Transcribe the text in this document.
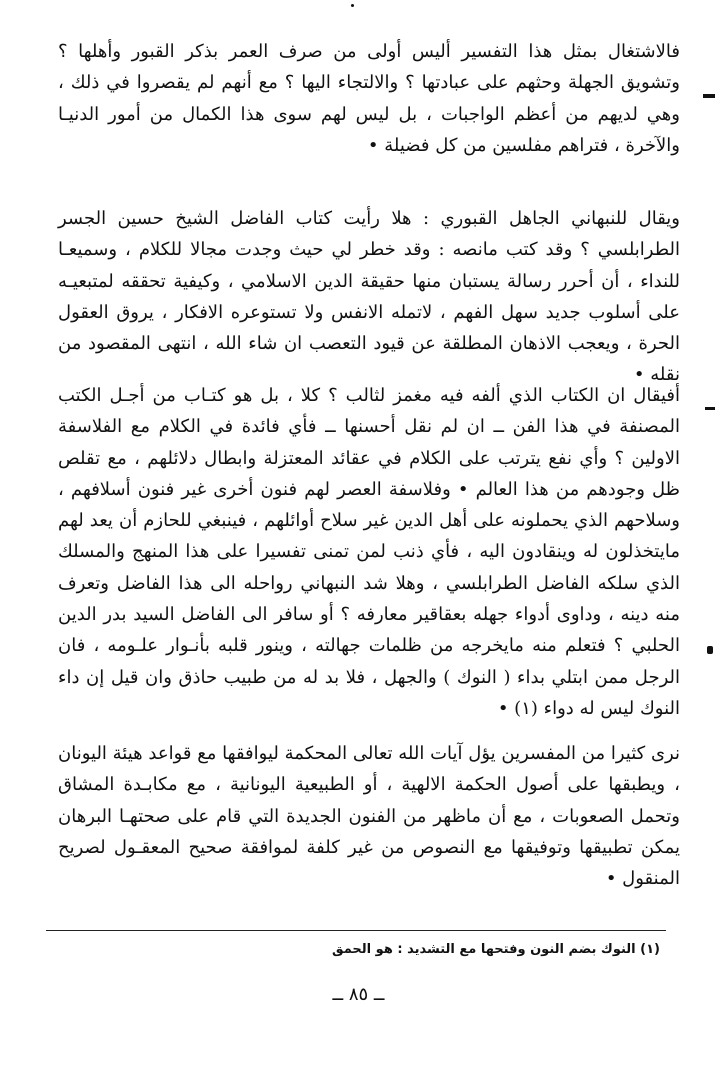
فالاشتغال بمثل هذا التفسير أليس أولى من صرف العمر بذكر القبور وأهلها ؟ وتشويق الجهلة وحثهم على عبادتها ؟ والالتجاء اليها ؟ مع أنهم لم يقصروا في ذلك ، وهي لديهم من أعظم الواجبات ، بل ليس لهم سوى هذا الكمال من أمور الدنيـا والآخرة ، فتراهم مفلسين من كل فضيلة •

ويقال للنبهاني الجاهل القبوري : هلا رأيت كتاب الفاضل الشيخ حسين الجسر الطرابلسي ؟ وقد كتب مانصه : وقد خطر لي حيث وجدت مجالا للكلام ، وسميعـا للنداء ، أن أحرر رسالة يستبان منها حقيقة الدين الاسلامي ، وكيفية تحققه لمتبعيـه على أسلوب جديد سهل الفهم ، لاتمله الانفس ولا تستوعره الافكار ، يروق العقول الحرة ، ويعجب الاذهان المطلقة عن قيود التعصب ان شاء الله ، انتهى المقصود من نقله •

أفيقال ان الكتاب الذي ألفه فيه مغمز لثالب ؟ كلا ، بل هو كتـاب من أجـل الكتب المصنفة في هذا الفن ــ ان لم نقل أحسنها ــ فأي فائدة في الكلام مع الفلاسفة الاولين ؟ وأي نفع يترتب على الكلام في عقائد المعتزلة وابطال دلائلهم ، مع تقلص ظل وجودهم من هذا العالم • وفلاسفة العصر لهم فنون أخرى غير فنون أسلافهم ، وسلاحهم الذي يحملونه على أهل الدين غير سلاح أوائلهم ، فينبغي للحازم أن يعد لهم مايتخذلون له وينقادون اليه ، فأي ذنب لمن تمنى تفسيرا على هذا المنهج والمسلك الذي سلكه الفاضل الطرابلسي ، وهلا شد النبهاني رواحله الى هذا الفاضل وتعرف منه دينه ، وداوى أدواء جهله بعقاقير معارفه ؟ أو سافر الى الفاضل السيد بدر الدين الحلبي ؟ فتعلم منه مايخرجه من ظلمات جهالته ، وينور قلبه بأنـوار علـومه ، فان الرجل ممن ابتلي بداء ( النوك ) والجهل ، فلا بد له من طبيب حاذق وان قيل إن داء النوك ليس له دواء (١) •

نرى كثيرا من المفسرين يؤل آيات الله تعالى المحكمة ليوافقها مع قواعد هيئة اليونان ، ويطبقها على أصول الحكمة الالهية ، أو الطبيعية اليونانية ، مع مكابـدة المشاق وتحمل الصعوبات ، مع أن ماظهر من الفنون الجديدة التي قام على صحتهـا البرهان يمكن تطبيقها وتوفيقها مع النصوص من غير كلفة لموافقة صحيح المعقـول لصريح المنقول •

(١) النوك بضم النون وفتحها مع التشديد : هو الحمق
ــ ٨٥ ــ
